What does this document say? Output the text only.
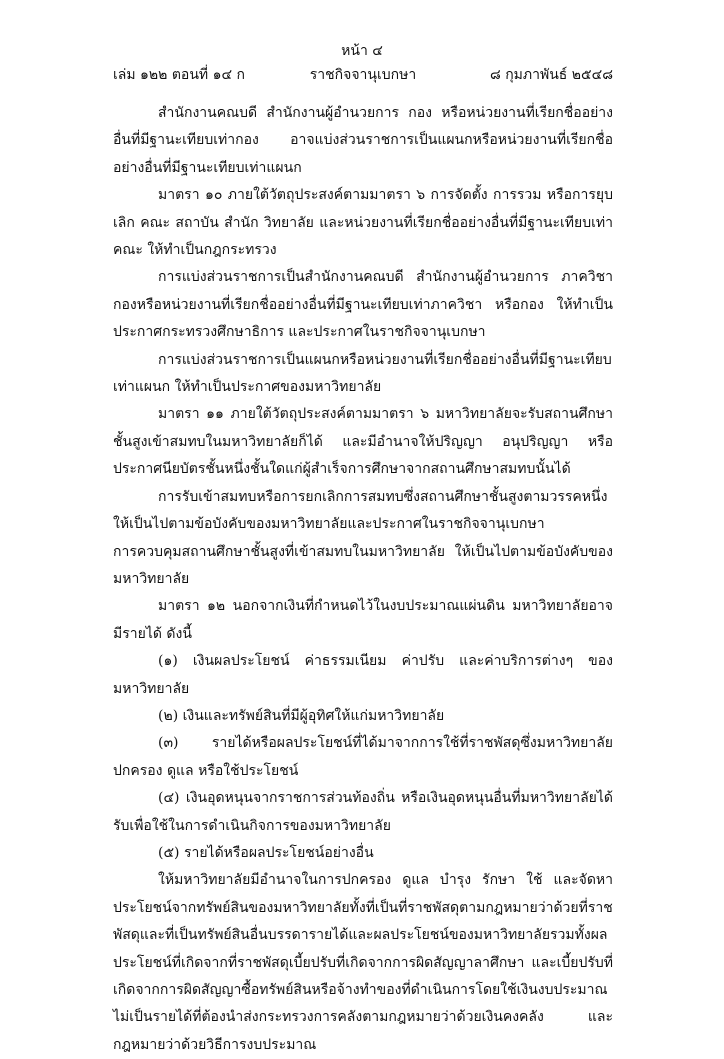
หน้า ๔
ราชกิจจานุเบกษา
เล่ม ๑๒๒ ตอนที่ ๑๔ ก	๘ กุมภาพันธ์ ๒๕๔๘

สำนักงานคณบดี สำนักงานผู้อำนวยการ กอง หรือหน่วยงานที่เรียกชื่ออย่างอื่นที่มีฐานะเทียบเท่ากอง อาจแบ่งส่วนราชการเป็นแผนกหรือหน่วยงานที่เรียกชื่ออย่างอื่นที่มีฐานะเทียบเท่าแผนก

มาตรา ๑๐ ภายใต้วัตถุประสงค์ตามมาตรา ๖ การจัดตั้ง การรวม หรือการยุบเลิก คณะ สถาบัน สำนัก วิทยาลัย และหน่วยงานที่เรียกชื่ออย่างอื่นที่มีฐานะเทียบเท่าคณะ ให้ทำเป็นกฎกระทรวง

การแบ่งส่วนราชการเป็นสำนักงานคณบดี สำนักงานผู้อำนวยการ ภาควิชา กองหรือหน่วยงานที่เรียกชื่ออย่างอื่นที่มีฐานะเทียบเท่าภาควิชา หรือกอง ให้ทำเป็นประกาศกระทรวงศึกษาธิการ และประกาศในราชกิจจานุเบกษา

การแบ่งส่วนราชการเป็นแผนกหรือหน่วยงานที่เรียกชื่ออย่างอื่นที่มีฐานะเทียบเท่าแผนก ให้ทำเป็นประกาศของมหาวิทยาลัย

มาตรา ๑๑ ภายใต้วัตถุประสงค์ตามมาตรา ๖ มหาวิทยาลัยจะรับสถานศึกษาชั้นสูงเข้าสมทบในมหาวิทยาลัยก็ได้ และมีอำนาจให้ปริญญา อนุปริญญา หรือประกาศนียบัตรชั้นหนึ่งชั้นใดแก่ผู้สำเร็จการศึกษาจากสถานศึกษาสมทบนั้นได้

การรับเข้าสมทบหรือการยกเลิกการสมทบซึ่งสถานศึกษาชั้นสูงตามวรรคหนึ่ง ให้เป็นไปตามข้อบังคับของมหาวิทยาลัยและประกาศในราชกิจจานุเบกษา

การควบคุมสถานศึกษาชั้นสูงที่เข้าสมทบในมหาวิทยาลัย ให้เป็นไปตามข้อบังคับของมหาวิทยาลัย

มาตรา ๑๒ นอกจากเงินที่กำหนดไว้ในงบประมาณแผ่นดิน มหาวิทยาลัยอาจมีรายได้ ดังนี้

(๑) เงินผลประโยชน์ ค่าธรรมเนียม ค่าปรับ และค่าบริการต่างๆ ของมหาวิทยาลัย

(๒) เงินและทรัพย์สินที่มีผู้อุทิศให้แก่มหาวิทยาลัย

(๓) รายได้หรือผลประโยชน์ที่ได้มาจากการใช้ที่ราชพัสดุซึ่งมหาวิทยาลัยปกครอง ดูแล หรือใช้ประโยชน์

(๔) เงินอุดหนุนจากราชการส่วนท้องถิ่น หรือเงินอุดหนุนอื่นที่มหาวิทยาลัยได้รับเพื่อใช้ในการดำเนินกิจการของมหาวิทยาลัย

(๕) รายได้หรือผลประโยชน์อย่างอื่น

ให้มหาวิทยาลัยมีอำนาจในการปกครอง ดูแล บำรุง รักษา ใช้ และจัดหาประโยชน์จากทรัพย์สินของมหาวิทยาลัยทั้งที่เป็นที่ราชพัสดุตามกฎหมายว่าด้วยที่ราชพัสดุและที่เป็นทรัพย์สินอื่นบรรดารายได้และผลประโยชน์ของมหาวิทยาลัยรวมทั้งผลประโยชน์ที่เกิดจากที่ราชพัสดุเบี้ยปรับที่เกิดจากการผิดสัญญาลาศึกษา และเบี้ยปรับที่เกิดจากการผิดสัญญาซื้อทรัพย์สินหรือจ้างทำของที่ดำเนินการโดยใช้เงินงบประมาณ ไม่เป็นรายได้ที่ต้องนำส่งกระทรวงการคลังตามกฎหมายว่าด้วยเงินคงคลัง และกฎหมายว่าด้วยวิธีการงบประมาณ
